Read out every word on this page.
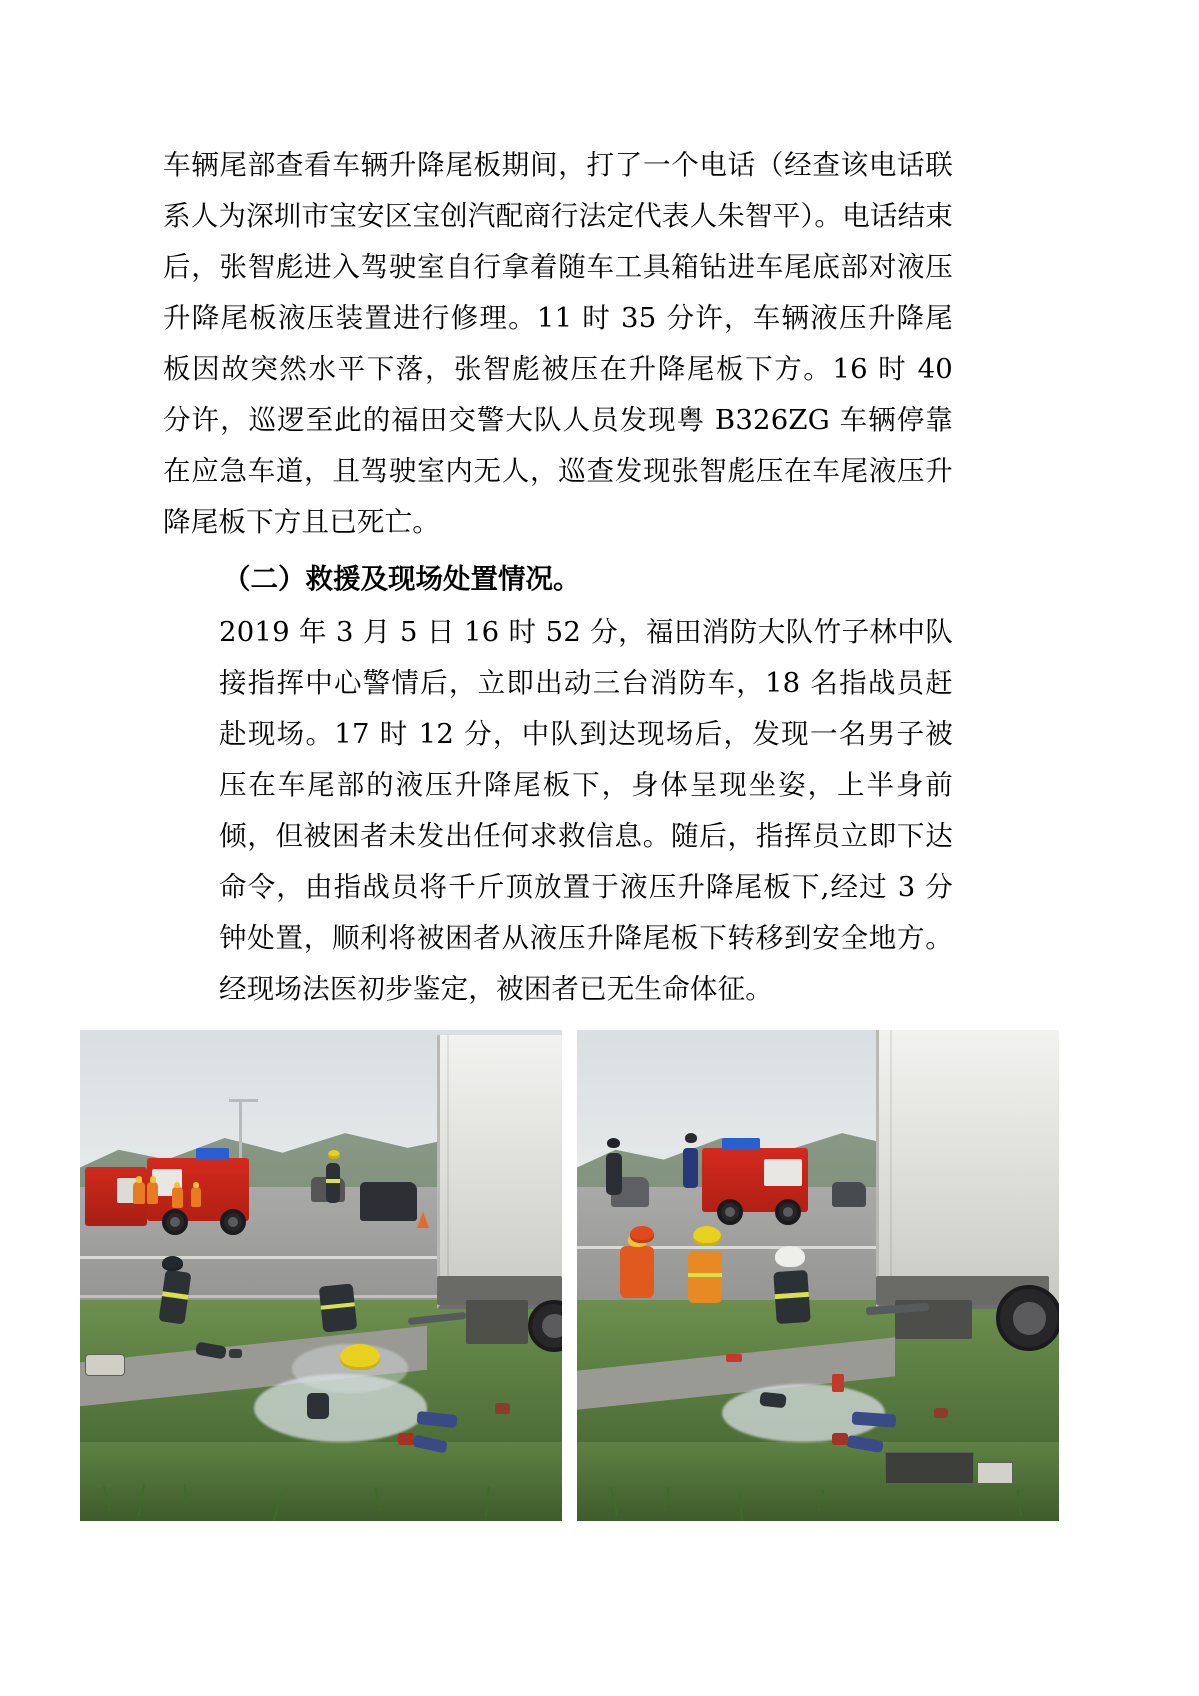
车辆尾部查看车辆升降尾板期间，打了一个电话（经查该电话联系人为深圳市宝安区宝创汽配商行法定代表人朱智平）。电话结束后，张智彪进入驾驶室自行拿着随车工具箱钻进车尾底部对液压升降尾板液压装置进行修理。11 时 35 分许，车辆液压升降尾板因故突然水平下落，张智彪被压在升降尾板下方。16 时 40 分许，巡逻至此的福田交警大队人员发现粤 B326ZG 车辆停靠在应急车道，且驾驶室内无人，巡查发现张智彪压在车尾液压升降尾板下方且已死亡。

（二）救援及现场处置情况。

2019 年 3 月 5 日 16 时 52 分，福田消防大队竹子林中队接指挥中心警情后，立即出动三台消防车，18 名指战员赶赴现场。17 时 12 分，中队到达现场后，发现一名男子被压在车尾部的液压升降尾板下，身体呈现坐姿，上半身前倾，但被困者未发出任何求救信息。随后，指挥员立即下达命令，由指战员将千斤顶放置于液压升降尾板下,经过 3 分钟处置，顺利将被困者从液压升降尾板下转移到安全地方。经现场法医初步鉴定，被困者已无生命体征。
